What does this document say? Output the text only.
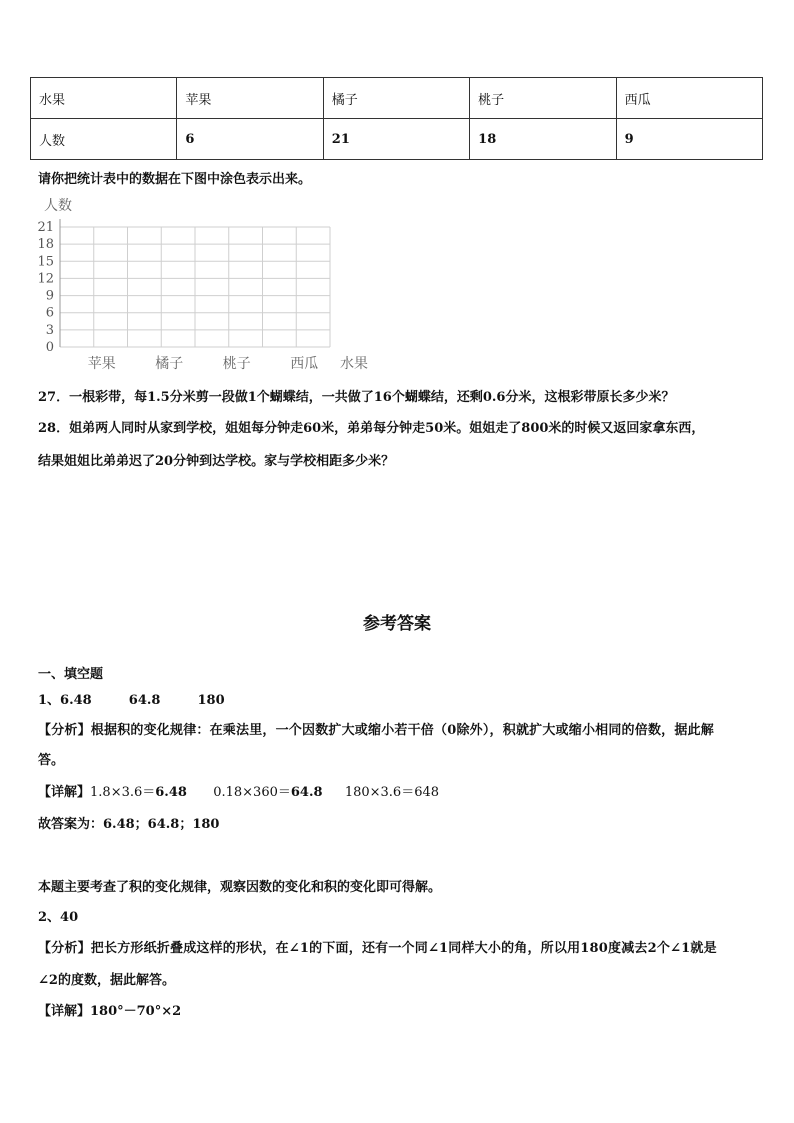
水果	苹果	橘子	桃子	西瓜
人数	6	21	18	9
请你把统计表中的数据在下图中涂色表示出来。
0
3
6
9
12
15
18
21
苹果	橘子	桃子	西瓜
人数
水果
27．一根彩带，每1.5分米剪一段做1个蝴蝶结，一共做了16个蝴蝶结，还剩0.6分米，这根彩带原长多少米？
28．姐弟两人同时从家到学校，姐姐每分钟走60米，弟弟每分钟走50米。姐姐走了800米的时候又返回家拿东西，
结果姐姐比弟弟迟了20分钟到达学校。家与学校相距多少米？
参考答案
一、填空题
1、6.48	64.8	180
【分析】根据积的变化规律：在乘法里，一个因数扩大或缩小若干倍（0除外），积就扩大或缩小相同的倍数，据此解
答。
【详解】1.8×3.6＝6.48 0.18×360＝64.8 180×3.6＝648
故答案为：6.48；64.8；180
本题主要考查了积的变化规律，观察因数的变化和积的变化即可得解。
2、40
【分析】把长方形纸折叠成这样的形状，在∠1的下面，还有一个同∠1同样大小的角，所以用180度减去2个∠1就是
∠2的度数，据此解答。
【详解】180°－70°×2
